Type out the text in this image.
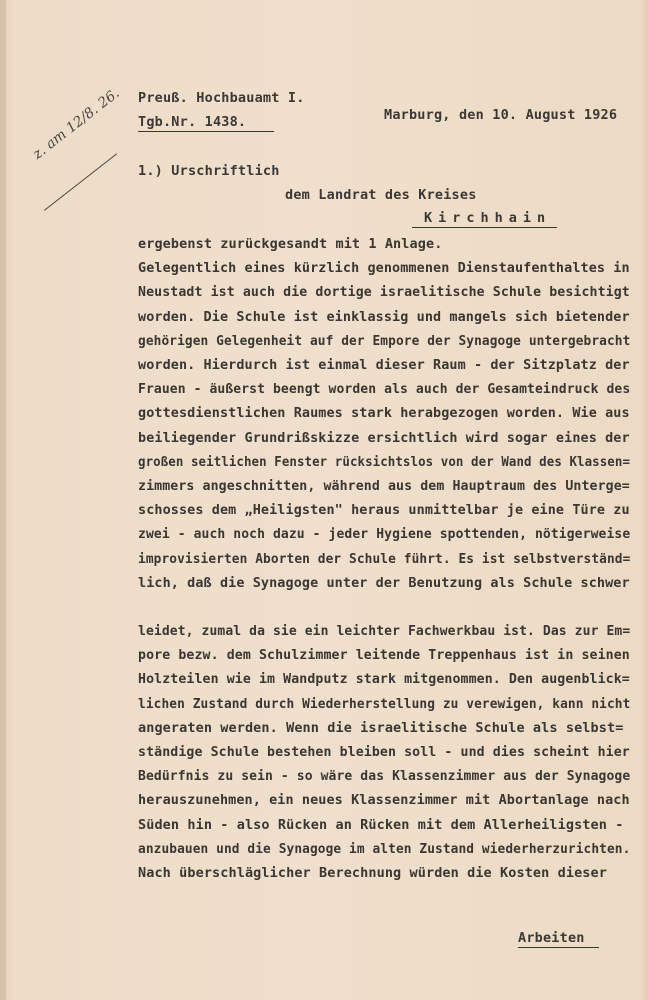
Preuß. Hochbauamt I.
Tgb.Nr. 1438.	Marburg, den 10. August 1926
z. am 12/8. 26.
1.) Urschriftlich
dem Landrat des Kreises
Kirchhain
ergebenst zurückgesandt mit 1 Anlage.
Gelegentlich eines kürzlich genommenen Dienstaufenthaltes in
Neustadt ist auch die dortige israelitische Schule besichtigt
worden. Die Schule ist einklassig und mangels sich bietender
gehörigen Gelegenheit auf der Empore der Synagoge untergebracht
worden. Hierdurch ist einmal dieser Raum - der Sitzplatz der
Frauen - äußerst beengt worden als auch der Gesamteindruck des
gottesdienstlichen Raumes stark herabgezogen worden. Wie aus
beiliegender Grundrißskizze ersichtlich wird sogar eines der
großen seitlichen Fenster rücksichtslos von der Wand des Klassen=
zimmers angeschnitten, während aus dem Hauptraum des Unterge=
schosses dem „Heiligsten" heraus unmittelbar je eine Türe zu
zwei - auch noch dazu - jeder Hygiene spottenden, nötigerweise
improvisierten Aborten der Schule führt. Es ist selbstverständ=
lich, daß die Synagoge unter der Benutzung als Schule schwer
leidet, zumal da sie ein leichter Fachwerkbau ist. Das zur Em=
pore bezw. dem Schulzimmer leitende Treppenhaus ist in seinen
Holzteilen wie im Wandputz stark mitgenommen. Den augenblick=
lichen Zustand durch Wiederherstellung zu verewigen, kann nicht
angeraten werden. Wenn die israelitische Schule als selbst=
ständige Schule bestehen bleiben soll - und dies scheint hier
Bedürfnis zu sein - so wäre das Klassenzimmer aus der Synagoge
herauszunehmen, ein neues Klassenzimmer mit Abortanlage nach
Süden hin - also Rücken an Rücken mit dem Allerheiligsten -
anzubauen und die Synagoge im alten Zustand wiederherzurichten.
Nach überschläglicher Berechnung würden die Kosten dieser
Arbeiten
